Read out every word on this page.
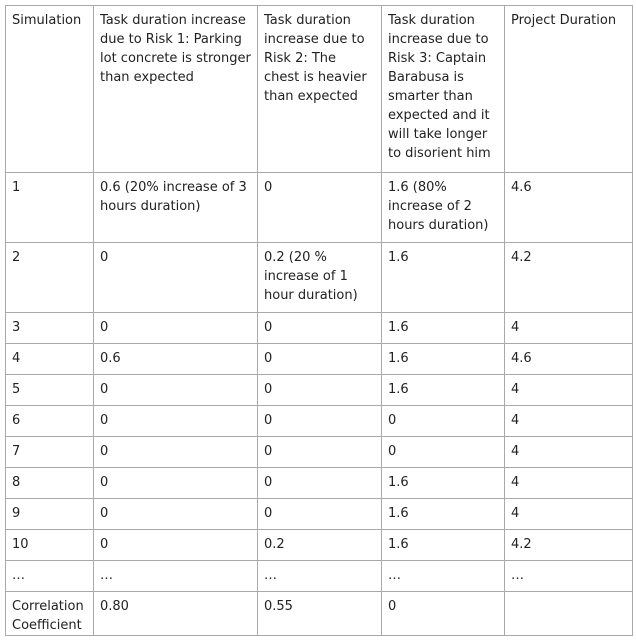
Simulation	Task duration increase due to Risk 1: Parking lot concrete is stronger than expected	Task duration increase due to Risk 2: The chest is heavier than expected	Task duration increase due to Risk 3: Captain Barabusa is smarter than expected and it will take longer to disorient him	Project Duration
1	0.6 (20% increase of 3 hours duration)	0	1.6 (80% increase of 2 hours duration)	4.6
2	0	0.2 (20 % increase of 1 hour duration)	1.6	4.2
3	0	0	1.6	4
4	0.6	0	1.6	4.6
5	0	0	1.6	4
6	0	0	0	4
7	0	0	0	4
8	0	0	1.6	4
9	0	0	1.6	4
10	0	0.2	1.6	4.2
…	…	…	…	…
Correlation Coefficient	0.80	0.55	0	
